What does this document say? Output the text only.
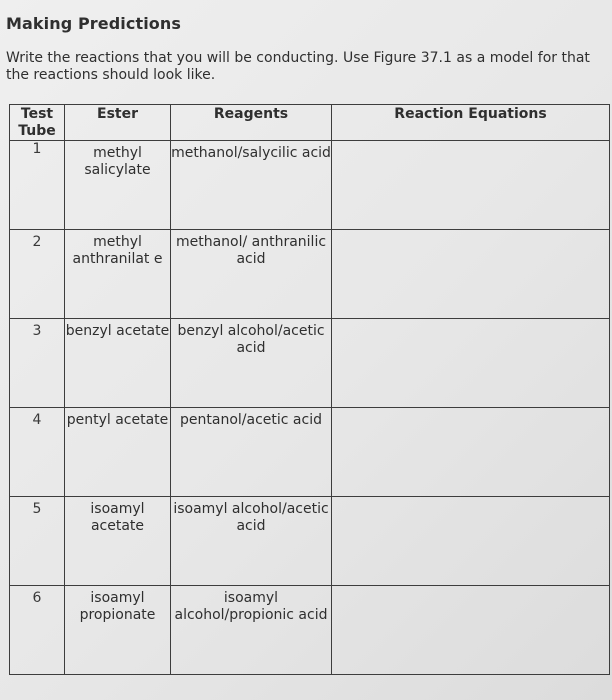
Making Predictions
Write the reactions that you will be conducting. Use Figure 37.1 as a model for that the reactions should look like.
Test Tube	Ester	Reagents	Reaction Equations
1	methyl salicylate	methanol/salycilic acid	

2	methyl anthranilat e	methanol/ anthranilic acid	

3	benzyl acetate	benzyl alcohol/acetic acid	

4	pentyl acetate	pentanol/acetic acid	

5	isoamyl acetate	isoamyl alcohol/acetic acid	

6	isoamyl propionate	isoamyl alcohol/propionic acid	
